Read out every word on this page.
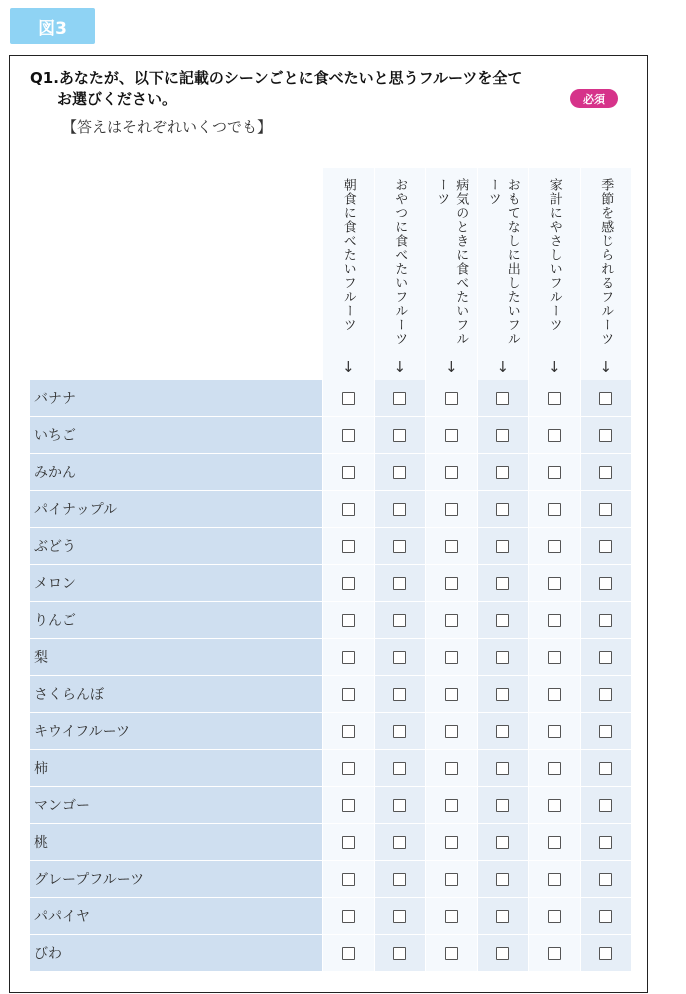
図3
Q1.あなたが、以下に記載のシーンごとに食べたいと思うフルーツを全て
お選びください。	必須
【答えはそれぞれいくつでも】
朝食に食べたいフルーツ
↓
おやつに食べたいフルーツ
↓
病気のときに食べたいフルーツ
↓
おもてなしに出したいフルーツ
↓
家計にやさしいフルーツ
↓
季節を感じられるフルーツ
↓
バナナ
いちご
みかん
パイナップル
ぶどう
メロン
りんご
梨
さくらんぼ
キウイフルーツ
柿
マンゴー
桃
グレープフルーツ
パパイヤ
びわ
